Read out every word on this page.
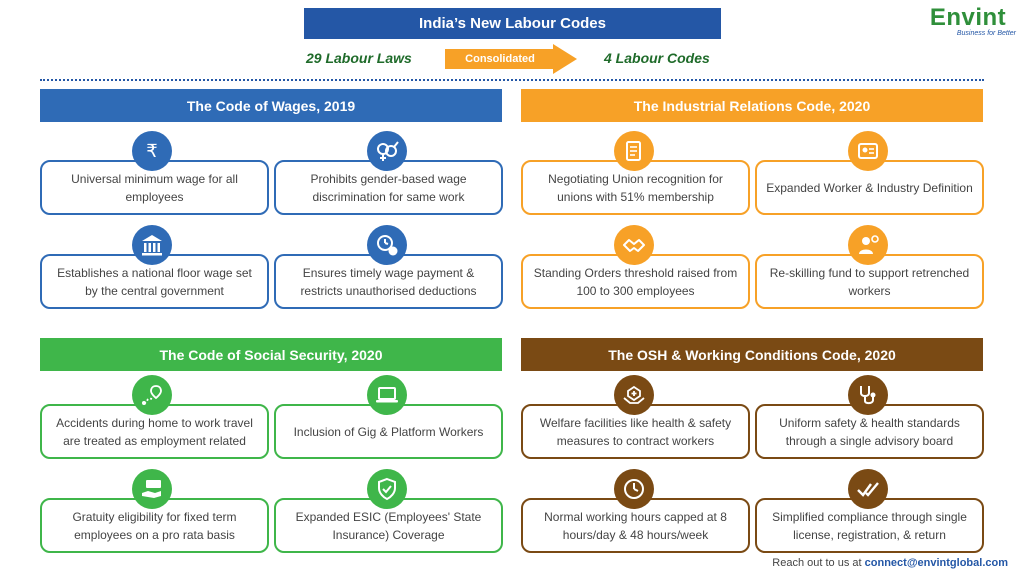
India’s New Labour Codes
29 Labour Laws	Consolidated	4 Labour Codes
Envint
Business for Better
The Code of Wages, 2019	The Industrial Relations Code, 2020
The Code of Social Security, 2020	The OSH & Working Conditions Code, 2020
Universal minimum wage for all employees
Prohibits gender-based wage discrimination for same work
Establishes a national floor wage set by the central government
Ensures timely wage payment & restricts unauthorised deductions
₹
Negotiating Union recognition for unions with 51% membership
Expanded Worker & Industry Definition
Standing Orders threshold raised from 100 to 300 employees
Re-skilling fund to support retrenched workers
Accidents during home to work travel are treated as employment related
Inclusion of Gig & Platform Workers
Gratuity eligibility for fixed term employees on a pro rata basis
Expanded ESIC (Employees' State Insurance) Coverage
Welfare facilities like health & safety measures to contract workers
Uniform safety & health standards through a single advisory board
Normal working hours capped at 8 hours/day & 48 hours/week
Simplified compliance through single license, registration, & return
Reach out to us at connect@envintglobal.com
